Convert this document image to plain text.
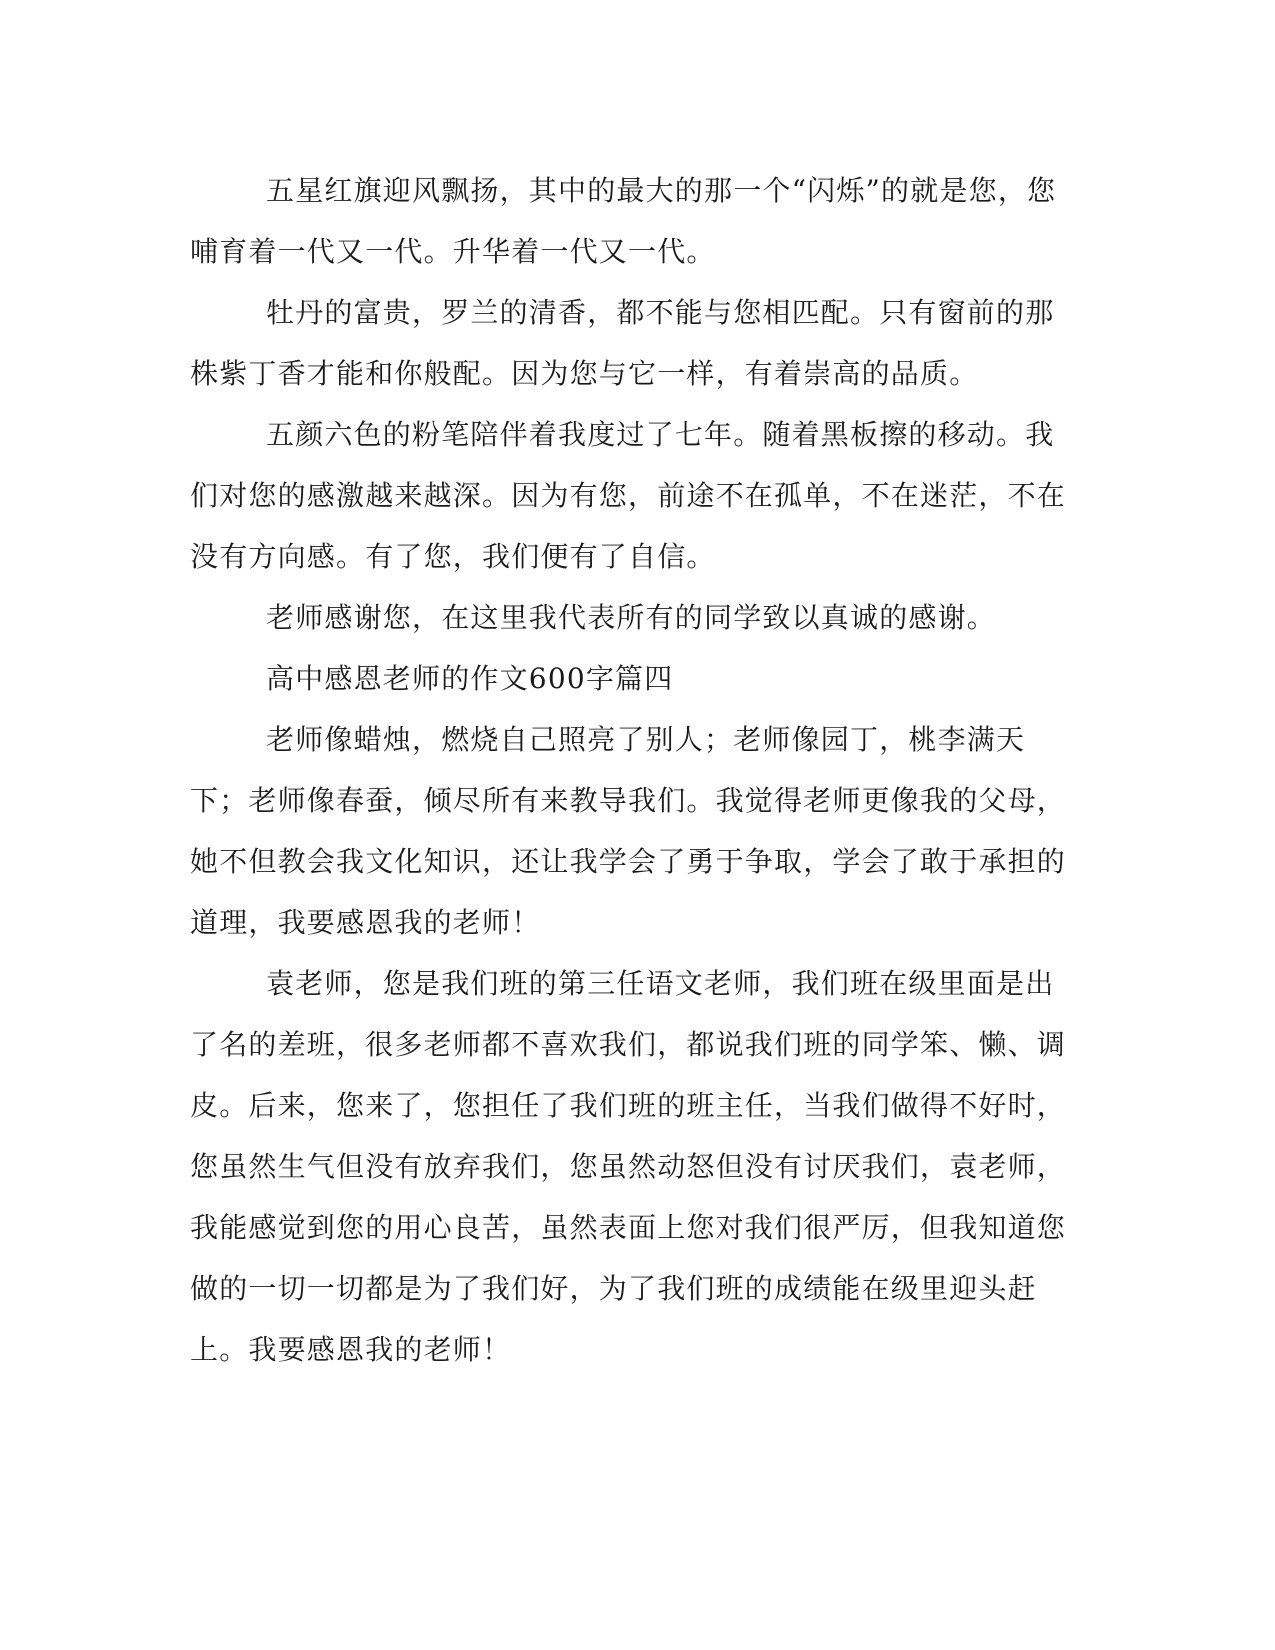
五星红旗迎风飘扬，其中的最大的那一个“闪烁”的就是您，您哺育着一代又一代。升华着一代又一代。

牡丹的富贵，罗兰的清香，都不能与您相匹配。只有窗前的那株紫丁香才能和你般配。因为您与它一样，有着崇高的品质。

五颜六色的粉笔陪伴着我度过了七年。随着黑板擦的移动。我们对您的感激越来越深。因为有您，前途不在孤单，不在迷茫，不在没有方向感。有了您，我们便有了自信。

老师感谢您，在这里我代表所有的同学致以真诚的感谢。

高中感恩老师的作文600字篇四

老师像蜡烛，燃烧自己照亮了别人；老师像园丁，桃李满天下；老师像春蚕，倾尽所有来教导我们。我觉得老师更像我的父母，她不但教会我文化知识，还让我学会了勇于争取，学会了敢于承担的道理，我要感恩我的老师！

袁老师，您是我们班的第三任语文老师，我们班在级里面是出了名的差班，很多老师都不喜欢我们，都说我们班的同学笨、懒、调皮。后来，您来了，您担任了我们班的班主任，当我们做得不好时，您虽然生气但没有放弃我们，您虽然动怒但没有讨厌我们，袁老师，我能感觉到您的用心良苦，虽然表面上您对我们很严厉，但我知道您做的一切一切都是为了我们好，为了我们班的成绩能在级里迎头赶上。我要感恩我的老师！
